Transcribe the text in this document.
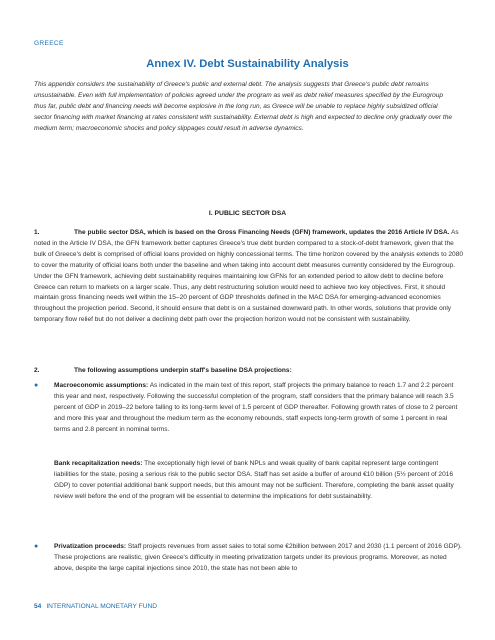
GREECE
Annex IV. Debt Sustainability Analysis
This appendix considers the sustainability of Greece's public and external debt. The analysis suggests that Greece's public debt remains unsustainable. Even with full implementation of policies agreed under the program as well as debt relief measures specified by the Eurogroup thus far, public debt and financing needs will become explosive in the long run, as Greece will be unable to replace highly subsidized official sector financing with market financing at rates consistent with sustainability. External debt is high and expected to decline only gradually over the medium term; macroeconomic shocks and policy slippages could result in adverse dynamics.
I. PUBLIC SECTOR DSA
1.	The public sector DSA, which is based on the Gross Financing Needs (GFN) framework, updates the 2016 Article IV DSA. As noted in the Article IV DSA, the GFN framework better captures Greece's true debt burden compared to a stock-of-debt framework, given that the bulk of Greece's debt is comprised of official loans provided on highly concessional terms. The time horizon covered by the analysis extends to 2080 to cover the maturity of official loans both under the baseline and when taking into account debt measures currently considered by the Eurogroup. Under the GFN framework, achieving debt sustainability requires maintaining low GFNs for an extended period to allow debt to decline before Greece can return to markets on a larger scale. Thus, any debt restructuring solution would need to achieve two key objectives. First, it should maintain gross financing needs well within the 15–20 percent of GDP thresholds defined in the MAC DSA for emerging-advanced economies throughout the projection period. Second, it should ensure that debt is on a sustained downward path. In other words, solutions that provide only temporary flow relief but do not deliver a declining debt path over the projection horizon would not be consistent with sustainability.
2.	The following assumptions underpin staff's baseline DSA projections:
●	Macroeconomic assumptions: As indicated in the main text of this report, staff projects the primary balance to reach 1.7 and 2.2 percent this year and next, respectively. Following the successful completion of the program, staff considers that the primary balance will reach 3.5 percent of GDP in 2019–22 before falling to its long-term level of 1.5 percent of GDP thereafter. Following growth rates of close to 2 percent and more this year and throughout the medium term as the economy rebounds, staff expects long-term growth of some 1 percent in real terms and 2.8 percent in nominal terms.
Bank recapitalization needs: The exceptionally high level of bank NPLs and weak quality of bank capital represent large contingent liabilities for the state, posing a serious risk to the public sector DSA. Staff has set aside a buffer of around €10 billion (5½ percent of 2016 GDP) to cover potential additional bank support needs, but this amount may not be sufficient. Therefore, completing the bank asset quality review well before the end of the program will be essential to determine the implications for debt sustainability.
●	Privatization proceeds: Staff projects revenues from asset sales to total some €2billion between 2017 and 2030 (1.1 percent of 2016 GDP). These projections are realistic, given Greece's difficulty in meeting privatization targets under its previous programs. Moreover, as noted above, despite the large capital injections since 2010, the state has not been able to
54 INTERNATIONAL MONETARY FUND
